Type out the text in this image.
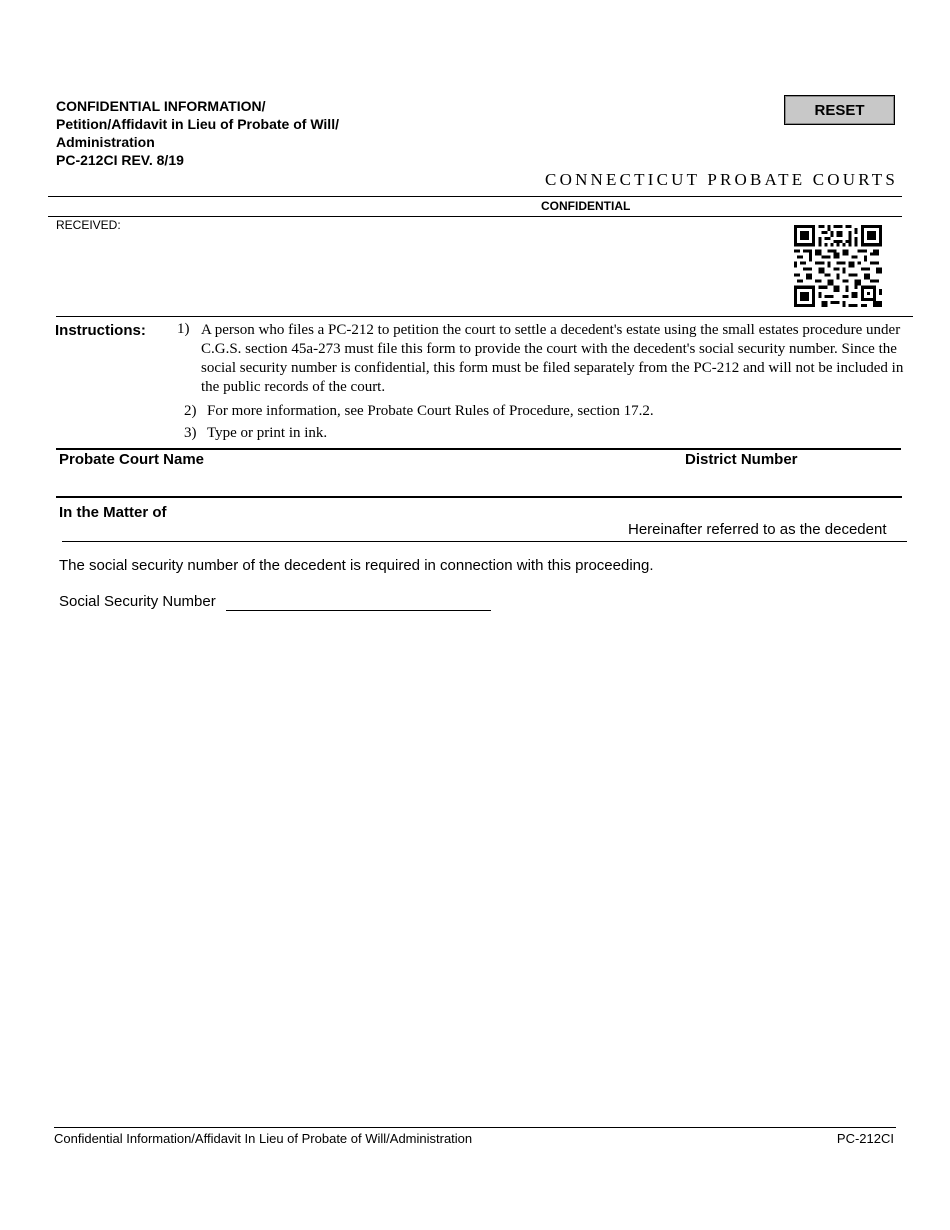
CONFIDENTIAL INFORMATION/
Petition/Affidavit in Lieu of Probate of Will/
Administration
PC-212CI REV. 8/19
RESET
CONNECTICUT PROBATE COURTS
CONFIDENTIAL
RECEIVED:
Instructions: 1) A person who files a PC-212 to petition the court to settle a decedent's estate using the small estates procedure under C.G.S. section 45a-273 must file this form to provide the court with the decedent's social security number. Since the social security number is confidential, this form must be filed separately from the PC-212 and will not be included in the public records of the court.
2) For more information, see Probate Court Rules of Procedure, section 17.2.
3) Type or print in ink.
Probate Court Name	District Number
In the Matter of
Hereinafter referred to as the decedent
The social security number of the decedent is required in connection with this proceeding.
Social Security Number
Confidential Information/Affidavit In Lieu of Probate of Will/Administration	PC-212CI
